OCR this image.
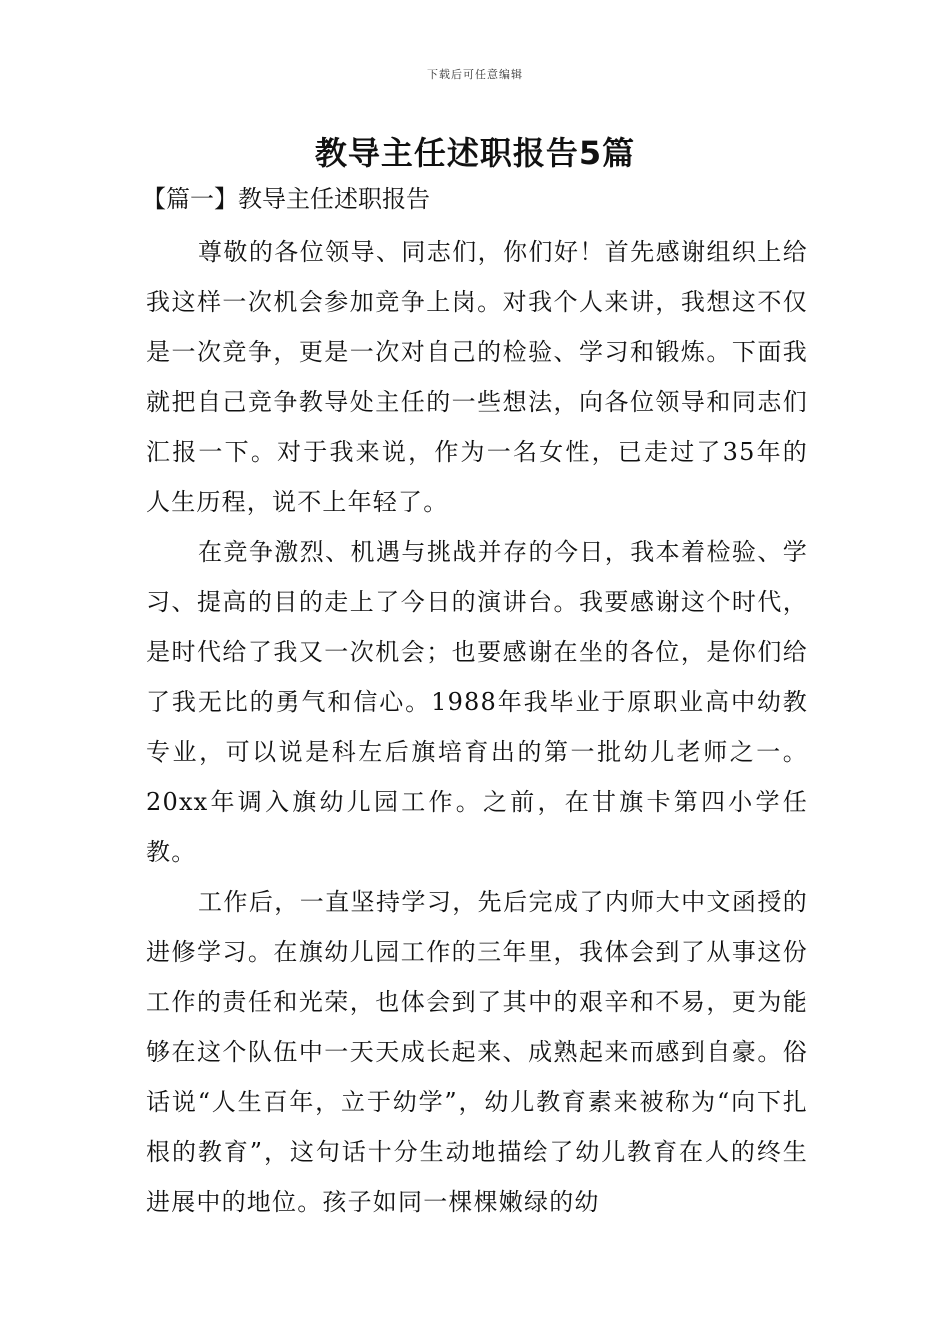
下载后可任意编辑
教导主任述职报告5篇
【篇一】教导主任述职报告

尊敬的各位领导、同志们，你们好！首先感谢组织上给我这样一次机会参加竞争上岗。对我个人来讲，我想这不仅是一次竞争，更是一次对自己的检验、学习和锻炼。下面我就把自己竞争教导处主任的一些想法，向各位领导和同志们汇报一下。对于我来说，作为一名女性，已走过了35年的人生历程，说不上年轻了。

在竞争激烈、机遇与挑战并存的今日，我本着检验、学习、提高的目的走上了今日的演讲台。我要感谢这个时代，是时代给了我又一次机会；也要感谢在坐的各位，是你们给了我无比的勇气和信心。1988年我毕业于原职业高中幼教专业，可以说是科左后旗培育出的第一批幼儿老师之一。20xx年调入旗幼儿园工作。之前，在甘旗卡第四小学任教。

工作后，一直坚持学习，先后完成了内师大中文函授的进修学习。在旗幼儿园工作的三年里，我体会到了从事这份工作的责任和光荣，也体会到了其中的艰辛和不易，更为能够在这个队伍中一天天成长起来、成熟起来而感到自豪。俗话说“人生百年，立于幼学”，幼儿教育素来被称为“向下扎根的教育”，这句话十分生动地描绘了幼儿教育在人的终生进展中的地位。孩子如同一棵棵嫩绿的幼
